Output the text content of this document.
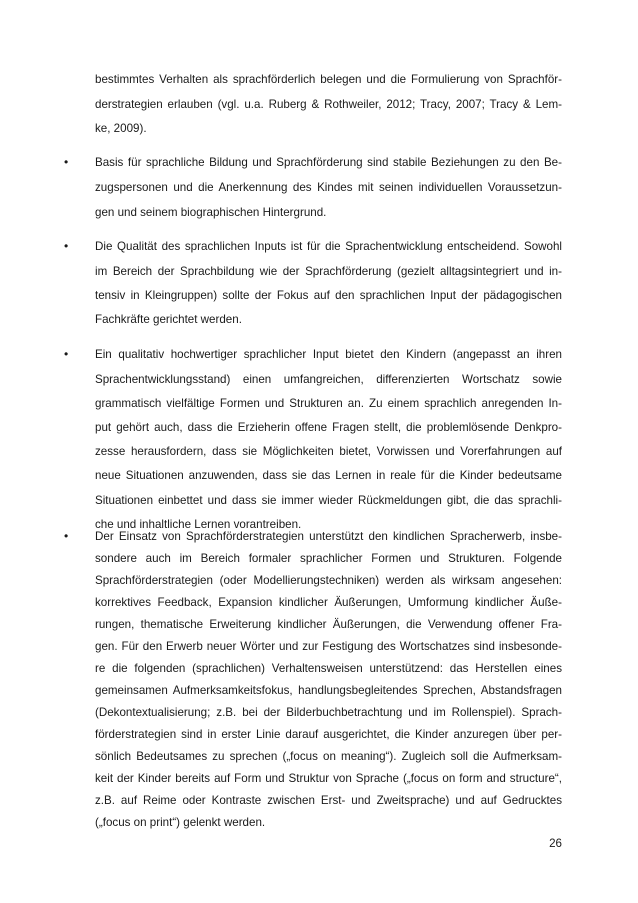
bestimmtes Verhalten als sprachförderlich belegen und die Formulierung von Sprachför-
derstrategien erlauben (vgl. u.a. Ruberg & Rothweiler, 2012; Tracy, 2007; Tracy & Lem-
ke, 2009).
•
Basis für sprachliche Bildung und Sprachförderung sind stabile Beziehungen zu den Be-
zugspersonen und die Anerkennung des Kindes mit seinen individuellen Voraussetzun-
gen und seinem biographischen Hintergrund.
•
Die Qualität des sprachlichen Inputs ist für die Sprachentwicklung entscheidend. Sowohl
im Bereich der Sprachbildung wie der Sprachförderung (gezielt alltagsintegriert und in-
tensiv in Kleingruppen) sollte der Fokus auf den sprachlichen Input der pädagogischen
Fachkräfte gerichtet werden.
•
Ein qualitativ hochwertiger sprachlicher Input bietet den Kindern (angepasst an ihren
Sprachentwicklungsstand) einen umfangreichen, differenzierten Wortschatz sowie
grammatisch vielfältige Formen und Strukturen an. Zu einem sprachlich anregenden In-
put gehört auch, dass die Erzieherin offene Fragen stellt, die problemlösende Denkpro-
zesse herausfordern, dass sie Möglichkeiten bietet, Vorwissen und Vorerfahrungen auf
neue Situationen anzuwenden, dass sie das Lernen in reale für die Kinder bedeutsame
Situationen einbettet und dass sie immer wieder Rückmeldungen gibt, die das sprachli-
che und inhaltliche Lernen vorantreiben.
•
Der Einsatz von Sprachförderstrategien unterstützt den kindlichen Spracherwerb, insbe-
sondere auch im Bereich formaler sprachlicher Formen und Strukturen. Folgende
Sprachförderstrategien (oder Modellierungstechniken) werden als wirksam angesehen:
korrektives Feedback, Expansion kindlicher Äußerungen, Umformung kindlicher Äuße-
rungen, thematische Erweiterung kindlicher Äußerungen, die Verwendung offener Fra-
gen. Für den Erwerb neuer Wörter und zur Festigung des Wortschatzes sind insbesonde-
re die folgenden (sprachlichen) Verhaltensweisen unterstützend: das Herstellen eines
gemeinsamen Aufmerksamkeitsfokus, handlungsbegleitendes Sprechen, Abstandsfragen
(Dekontextualisierung; z.B. bei der Bilderbuchbetrachtung und im Rollenspiel). Sprach-
förderstrategien sind in erster Linie darauf ausgerichtet, die Kinder anzuregen über per-
sönlich Bedeutsames zu sprechen („focus on meaning“). Zugleich soll die Aufmerksam-
keit der Kinder bereits auf Form und Struktur von Sprache („focus on form and structure“,
z.B. auf Reime oder Kontraste zwischen Erst- und Zweitsprache) und auf Gedrucktes
(„focus on print“) gelenkt werden.
26
